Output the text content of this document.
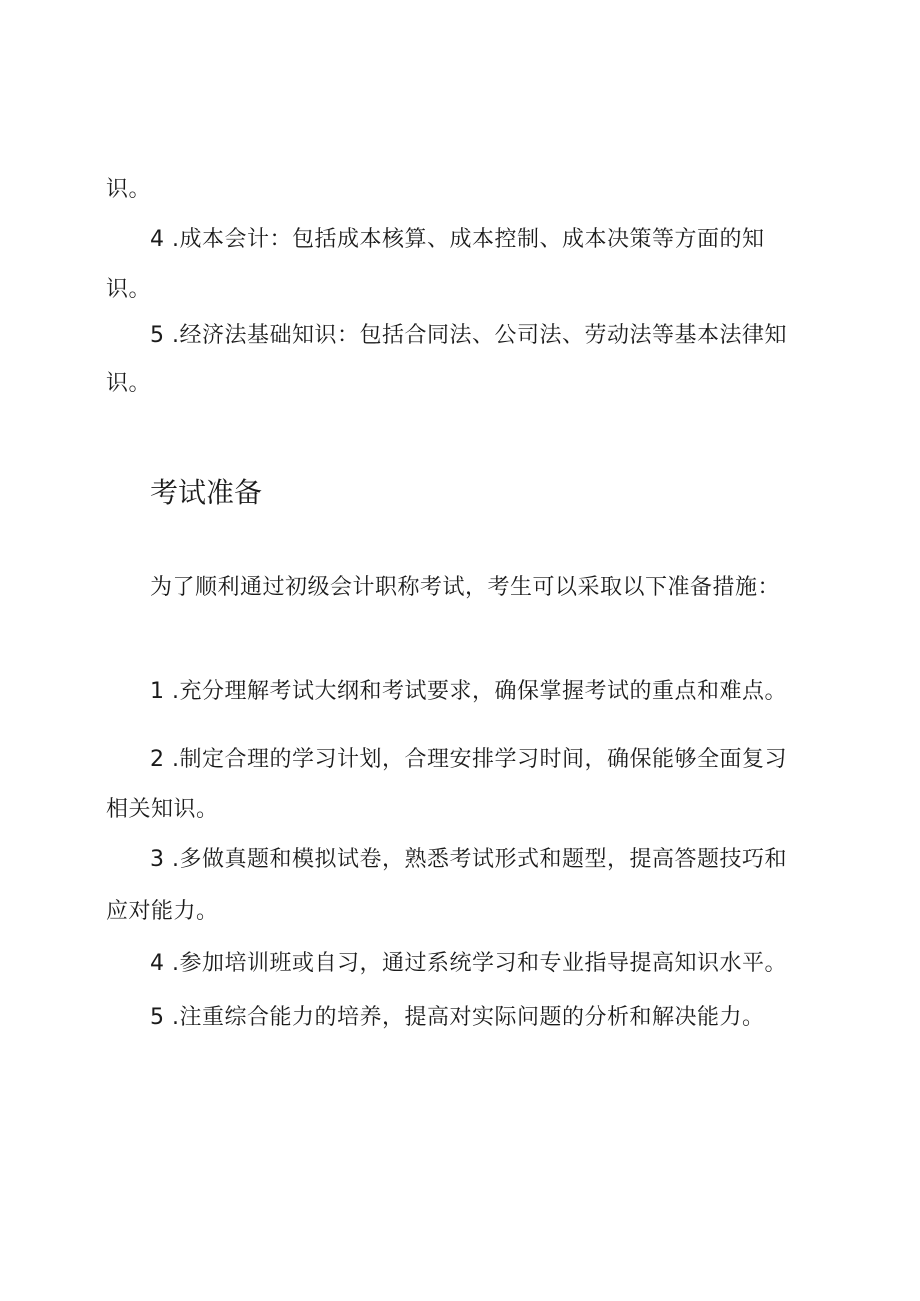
识。
4 .成本会计：包括成本核算、成本控制、成本决策等方面的知
识。
5 .经济法基础知识：包括合同法、公司法、劳动法等基本法律知
识。
考试准备
为了顺利通过初级会计职称考试，考生可以采取以下准备措施：
1 .充分理解考试大纲和考试要求，确保掌握考试的重点和难点。
2 .制定合理的学习计划，合理安排学习时间，确保能够全面复习
相关知识。
3 .多做真题和模拟试卷，熟悉考试形式和题型，提高答题技巧和
应对能力。
4 .参加培训班或自习，通过系统学习和专业指导提高知识水平。
5 .注重综合能力的培养，提高对实际问题的分析和解决能力。
